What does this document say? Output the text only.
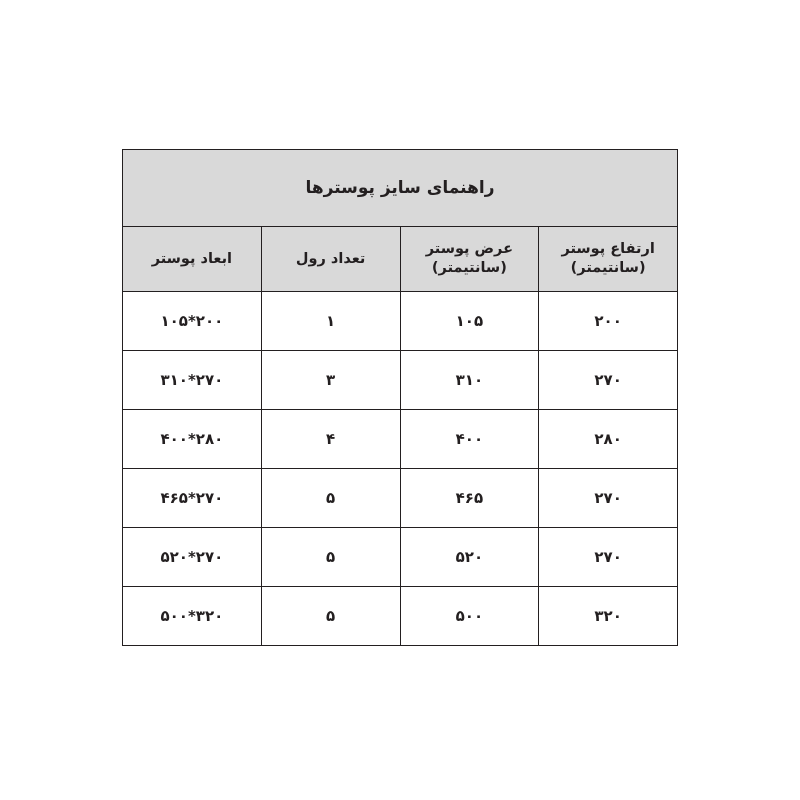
راهنمای سایز پوسترها			
ارتفاع پوستر (سانتیمتر)	عرض پوستر (سانتیمتر)	تعداد رول	ابعاد پوستر
۲۰۰	۱۰۵	۱	۲۰۰*۱۰۵
۲۷۰	۳۱۰	۳	۲۷۰*۳۱۰
۲۸۰	۴۰۰	۴	۲۸۰*۴۰۰
۲۷۰	۴۶۵	۵	۲۷۰*۴۶۵
۲۷۰	۵۲۰	۵	۲۷۰*۵۲۰
۳۲۰	۵۰۰	۵	۳۲۰*۵۰۰
